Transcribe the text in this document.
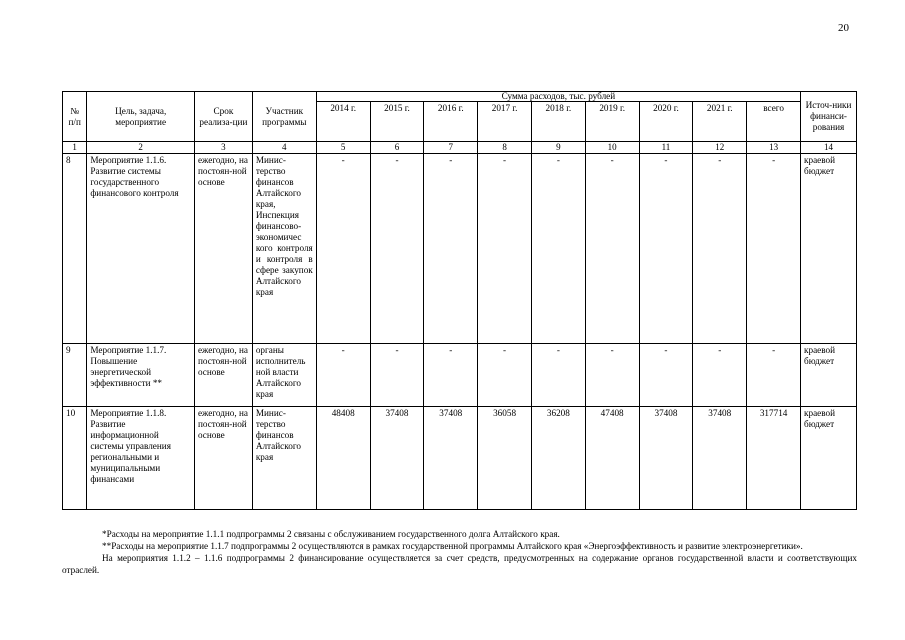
20
№ п/п	Цель, задача, мероприятие	Срок реализа-ции	Участник программы	Сумма расходов, тыс. рублей									Источ-ники финанси-рования
				2014 г.	2015 г.	2016 г.	2017 г.	2018 г.	2019 г.	2020 г.	2021 г.	всего	
1	2	3	4	5	6	7	8	9	10	11	12	13	14
8	Мероприятие 1.1.6. Развитие системы государственного финансового контроля	ежегодно, на постоян-ной основе	Минис-терство финансов Алтайского края, Инспекция финансово-экономичес кого контроля и контроля в сфере закупок Алтайского края	-	-	-	-	-	-	-	-	-	краевой бюджет
9	Мероприятие 1.1.7. Повышение энергетической эффективности **	ежегодно, на постоян-ной основе	органы исполнитель ной власти Алтайского края	-	-	-	-	-	-	-	-	-	краевой бюджет
10	Мероприятие 1.1.8. Развитие информационной системы управления региональными и муниципальными финансами	ежегодно, на постоян-ной основе	Минис-терство финансов Алтайского края	48408	37408	37408	36058	36208	47408	37408	37408	317714	краевой бюджет

*Расходы на мероприятие 1.1.1 подпрограммы 2 связаны с обслуживанием государственного долга Алтайского края.

**Расходы на мероприятие 1.1.7 подпрограммы 2 осуществляются в рамках государственной программы Алтайского края «Энергоэффективность и развитие электроэнергетики».

На мероприятия 1.1.2 – 1.1.6 подпрограммы 2 финансирование осуществляется за счет средств, предусмотренных на содержание органов государственной власти и соответствующих отраслей.
